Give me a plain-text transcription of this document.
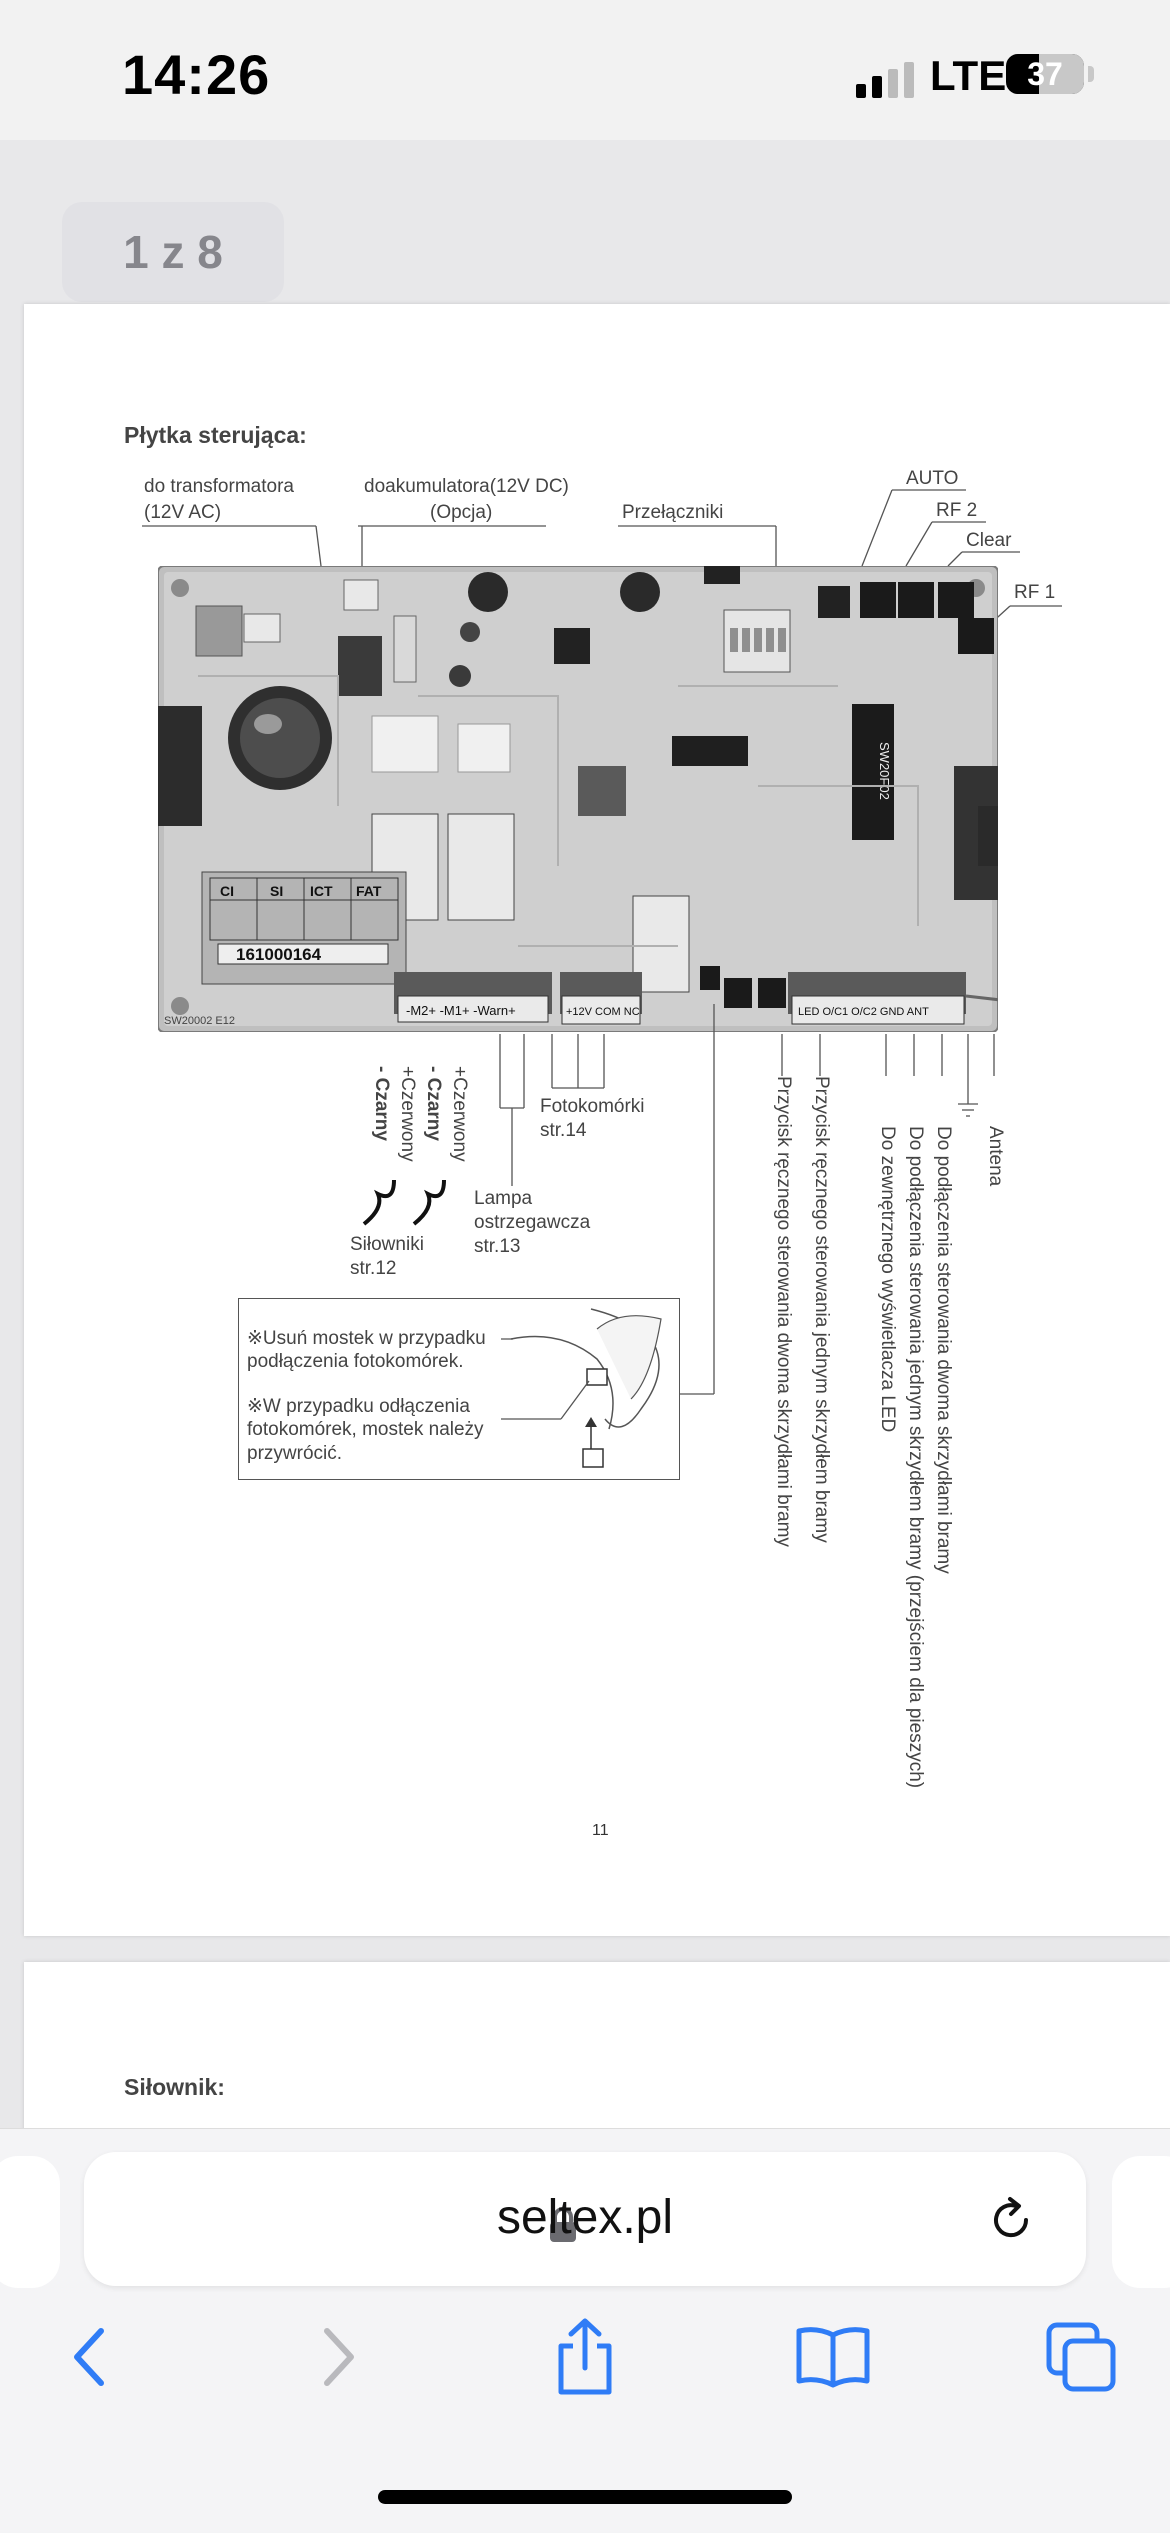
14:26	LTE 37
1 z 8
Płytka sterująca:
do transformatora
(12V AC)
doakumulatora(12V DC)
(Opcja)	Przełączniki
AUTO
RF 2
Clear
RF 1
SW20F02
CI	SI ICT FAT
161000164
SW20002 E12
-M2+ -M1+ -Warn+	+12V COM NC	LED O/C1 O/C2 GND ANT
- Czarny +Czerwony - Czarny +Czerwony
Siłowniki
str.12
Lampa
ostrzegawcza
str.13
Fotokomórki
str.14	Przycisk ręcznego sterowania dwoma skrzydłami bramy Przycisk ręcznego sterowania jednym skrzydłem bramy Do zewnętrznego wyświetlacza LED Do podłączenia sterowania jednym skrzydłem bramy (przejściem dla pieszych) Do podłączenia sterowania dwoma skrzydłami bramy Antena
※Usuń mostek w przypadku
podłączenia fotokomórek.
※W przypadku odłączenia
fotokomórek, mostek należy
przywrócić.
11
Siłownik:
seltex.pl
